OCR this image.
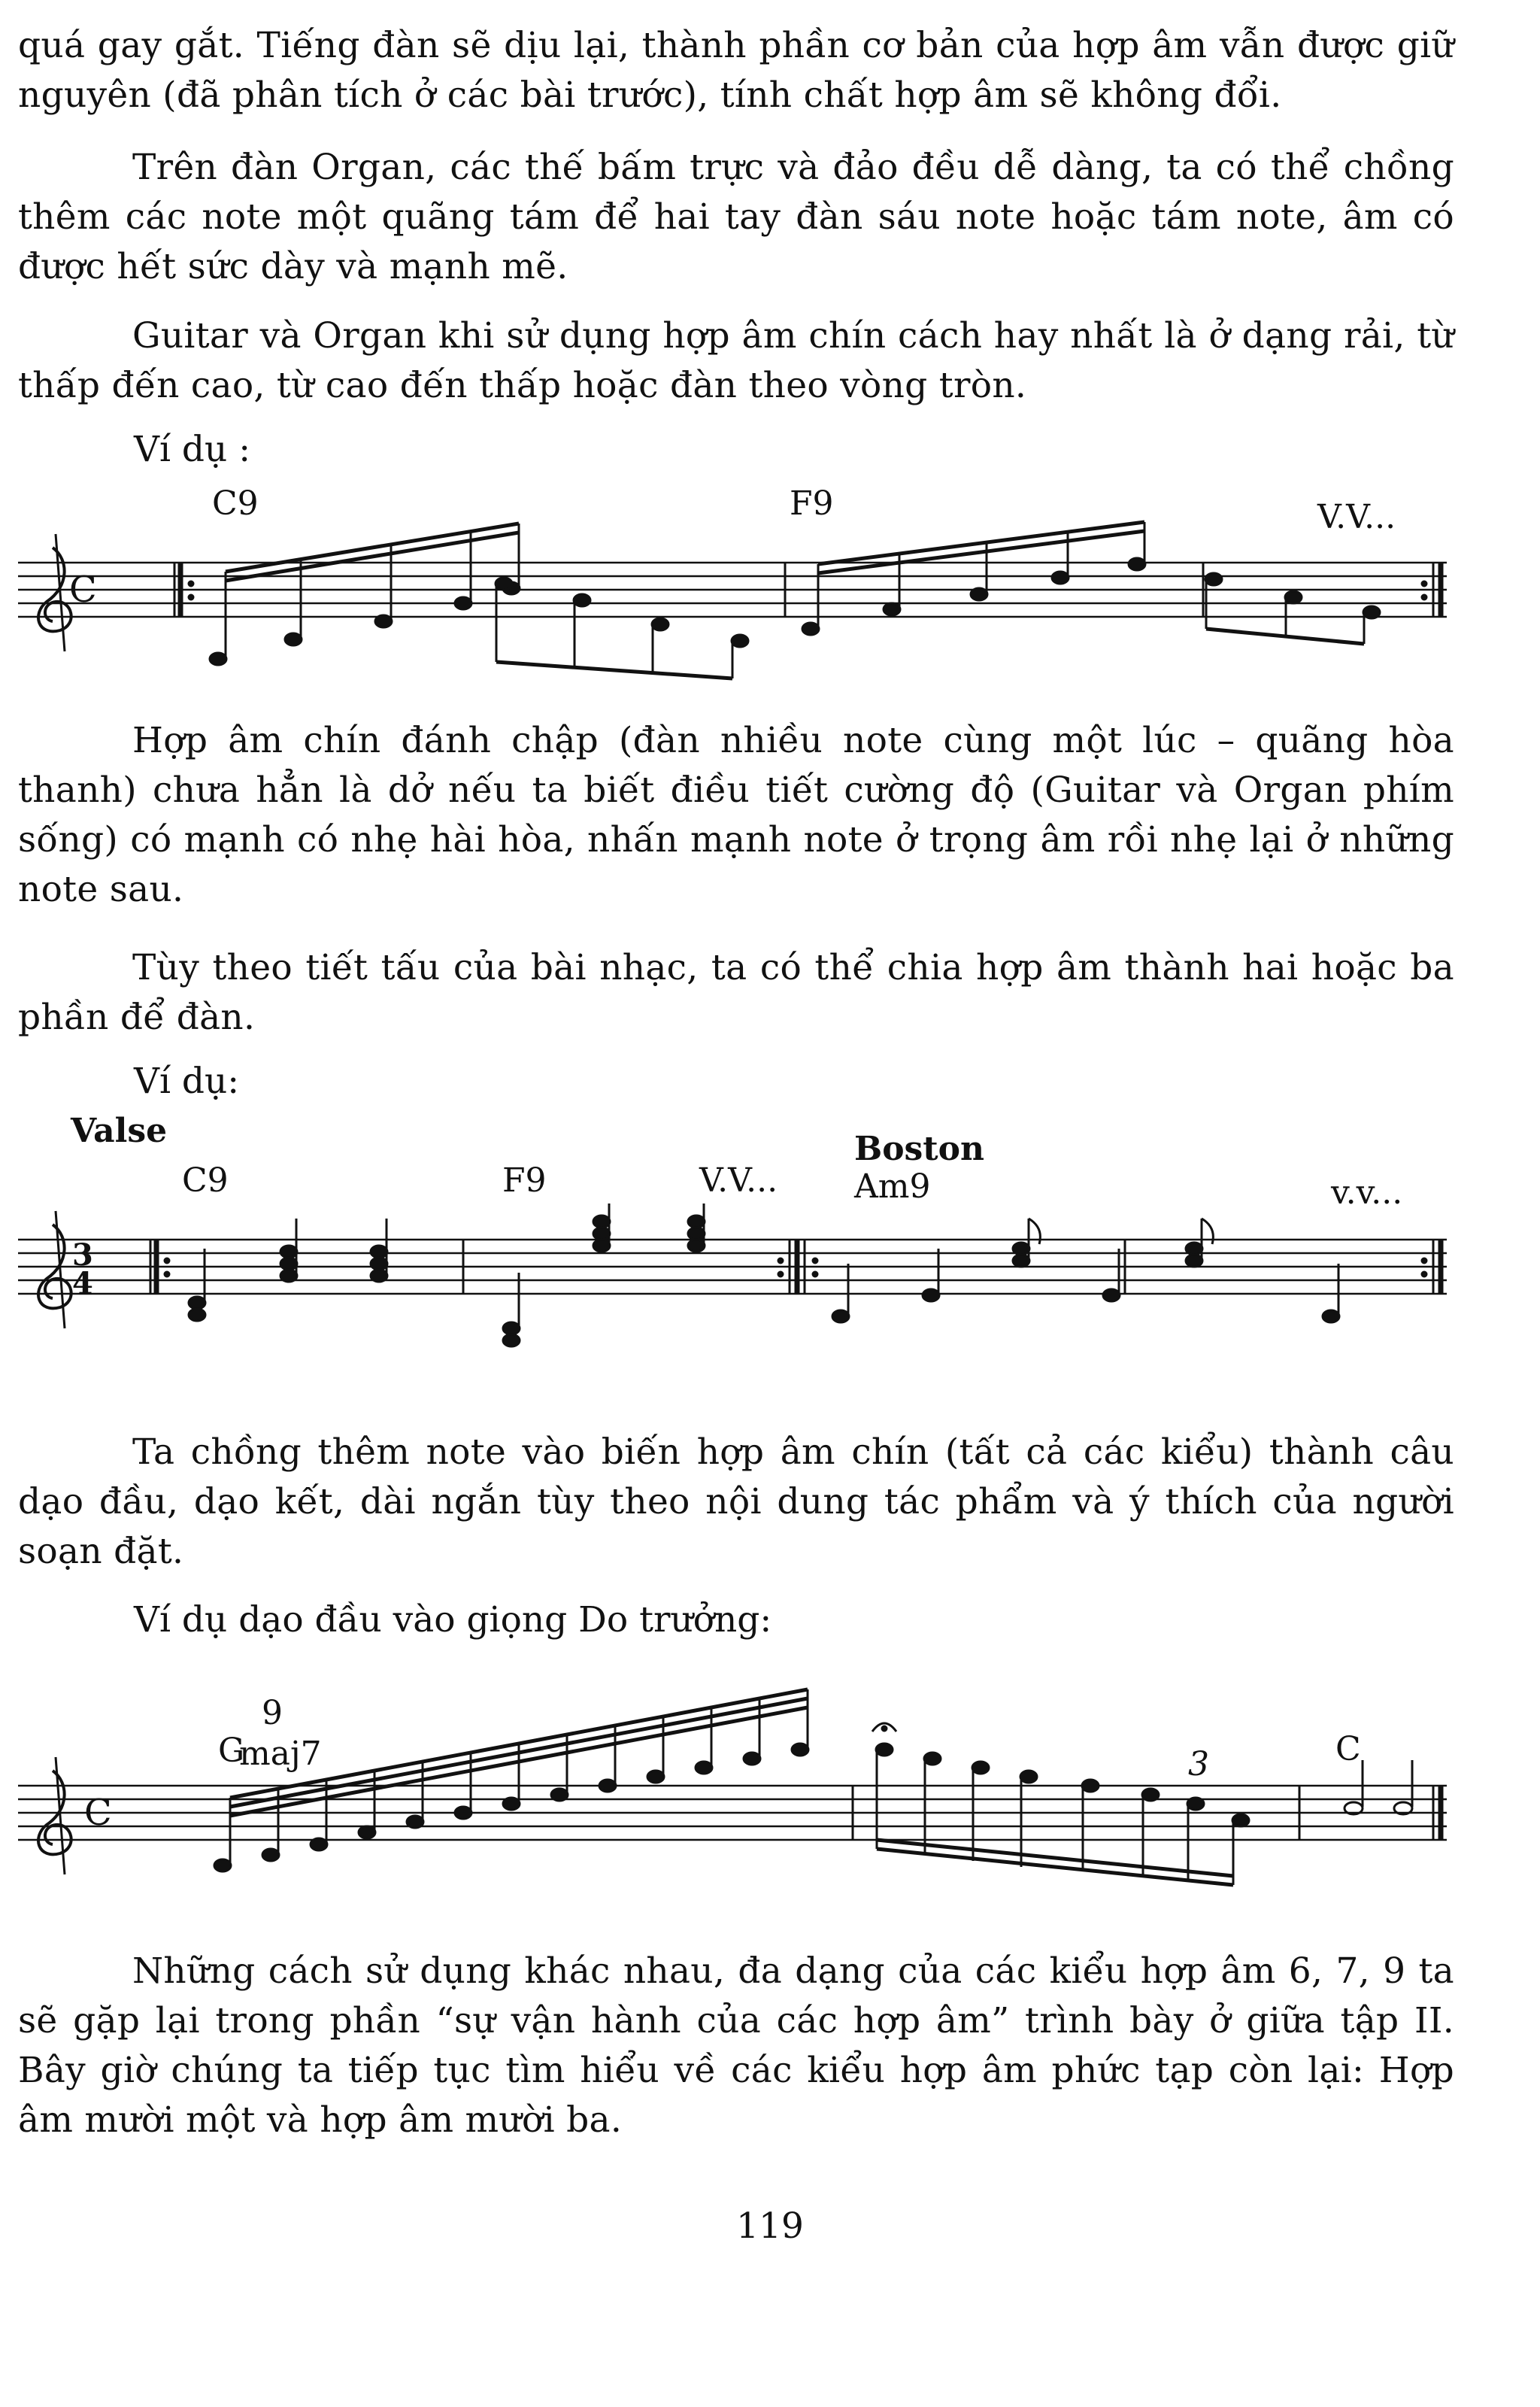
quá gay gắt. Tiếng đàn sẽ dịu lại, thành phần cơ bản của hợp âm vẫn được giữ nguyên (đã phân tích ở các bài trước), tính chất hợp âm sẽ không đổi.

Trên đàn Organ, các thế bấm trực và đảo đều dễ dàng, ta có thể chồng thêm các note một quãng tám để hai tay đàn sáu note hoặc tám note, âm có được hết sức dày và mạnh mẽ.

Guitar và Organ khi sử dụng hợp âm chín cách hay nhất là ở dạng rải, từ thấp đến cao, từ cao đến thấp hoặc đàn theo vòng tròn.

Ví dụ :
C9	F9	V.V...
C

Hợp âm chín đánh chập (đàn nhiều note cùng một lúc – quãng hòa thanh) chưa hẳn là dở nếu ta biết điều tiết cường độ (Guitar và Organ phím sống) có mạnh có nhẹ hài hòa, nhấn mạnh note ở trọng âm rồi nhẹ lại ở những note sau.

Tùy theo tiết tấu của bài nhạc, ta có thể chia hợp âm thành hai hoặc ba phần để đàn.

Ví dụ:
Valse	Boston
C9	F9	V.V... Am9	v.v...
3
4

Ta chồng thêm note vào biến hợp âm chín (tất cả các kiểu) thành câu dạo đầu, dạo kết, dài ngắn tùy theo nội dung tác phẩm và ý thích của người soạn đặt.

Ví dụ dạo đầu vào giọng Do trưởng:
G
9
maj7	C
C
3

Những cách sử dụng khác nhau, đa dạng của các kiểu hợp âm 6, 7, 9 ta sẽ gặp lại trong phần “sự vận hành của các hợp âm” trình bày ở giữa tập II. Bây giờ chúng ta tiếp tục tìm hiểu về các kiểu hợp âm phức tạp còn lại: Hợp âm mười một và hợp âm mười ba.

119
